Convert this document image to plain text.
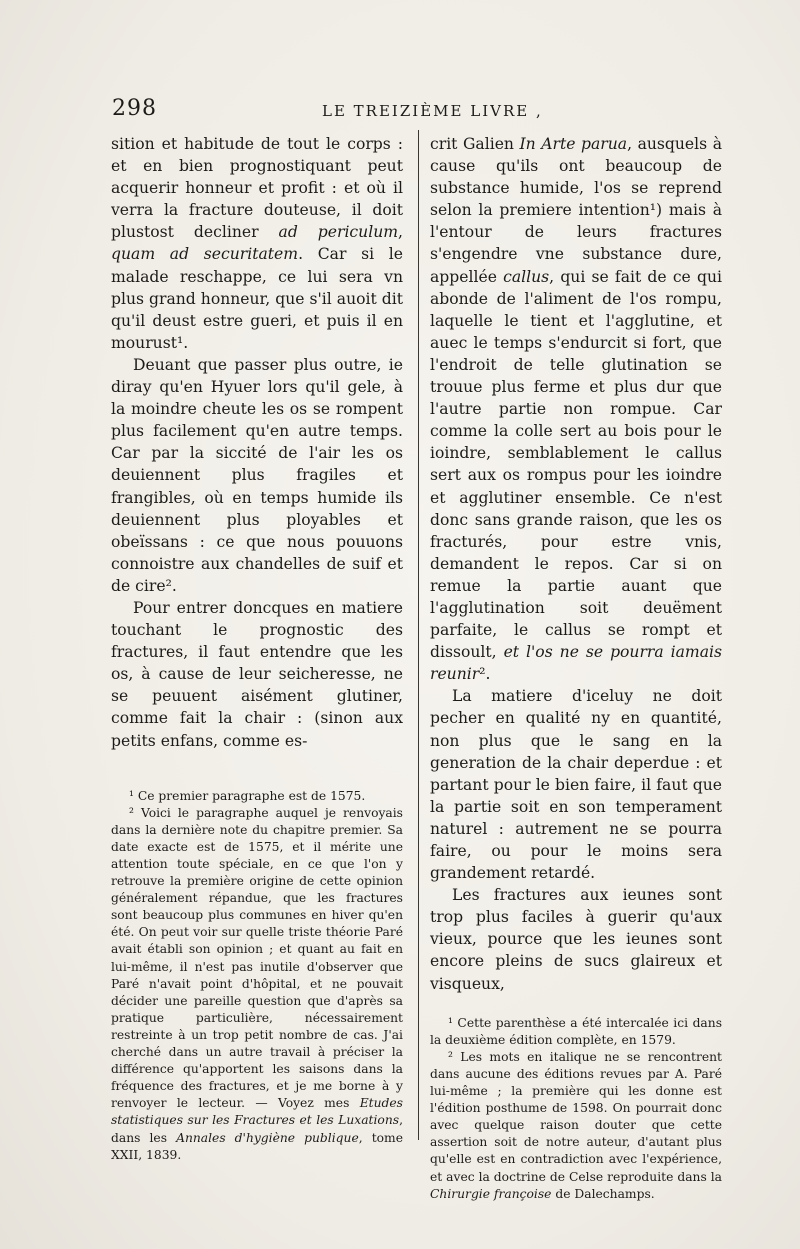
298	LE TREIZIÈME LIVRE ,

sition et habitude de tout le corps : et en bien prognostiquant peut acquerir honneur et profit : et où il verra la fracture douteuse, il doit plustost decliner ad periculum, quam ad securitatem. Car si le malade reschappe, ce lui sera vn plus grand honneur, que s'il auoit dit qu'il deust estre gueri, et puis il en mourust¹.

Deuant que passer plus outre, ie diray qu'en Hyuer lors qu'il gele, à la moindre cheute les os se rompent plus facilement qu'en autre temps. Car par la siccité de l'air les os deuiennent plus fragiles et frangibles, où en temps humide ils deuiennent plus ployables et obeïssans : ce que nous pouuons connoistre aux chandelles de suif et de cire².

Pour entrer doncques en matiere touchant le prognostic des fractures, il faut entendre que les os, à cause de leur seicheresse, ne se peuuent aisément glutiner, comme fait la chair : (sinon aux petits enfans, comme es-

¹ Ce premier paragraphe est de 1575.

² Voici le paragraphe auquel je renvoyais dans la dernière note du chapitre premier. Sa date exacte est de 1575, et il mérite une attention toute spéciale, en ce que l'on y retrouve la première origine de cette opinion généralement répandue, que les fractures sont beaucoup plus communes en hiver qu'en été. On peut voir sur quelle triste théorie Paré avait établi son opinion ; et quant au fait en lui-même, il n'est pas inutile d'observer que Paré n'avait point d'hôpital, et ne pouvait décider une pareille question que d'après sa pratique particulière, nécessairement restreinte à un trop petit nombre de cas. J'ai cherché dans un autre travail à préciser la différence qu'apportent les saisons dans la fréquence des fractures, et je me borne à y renvoyer le lecteur. — Voyez mes Etudes statistiques sur les Fractures et les Luxations, dans les Annales d'hygiène publique, tome XXII, 1839.

crit Galien In Arte parua, ausquels à cause qu'ils ont beaucoup de substance humide, l'os se reprend selon la premiere intention¹) mais à l'entour de leurs fractures s'engendre vne substance dure, appellée callus, qui se fait de ce qui abonde de l'aliment de l'os rompu, laquelle le tient et l'agglutine, et auec le temps s'endurcit si fort, que l'endroit de telle glutination se trouue plus ferme et plus dur que l'autre partie non rompue. Car comme la colle sert au bois pour le ioindre, semblablement le callus sert aux os rompus pour les ioindre et agglutiner ensemble. Ce n'est donc sans grande raison, que les os fracturés, pour estre vnis, demandent le repos. Car si on remue la partie auant que l'agglutination soit deuëment parfaite, le callus se rompt et dissoult, et l'os ne se pourra iamais reunir².

La matiere d'iceluy ne doit pecher en qualité ny en quantité, non plus que le sang en la generation de la chair deperdue : et partant pour le bien faire, il faut que la partie soit en son temperament naturel : autrement ne se pourra faire, ou pour le moins sera grandement retardé.

Les fractures aux ieunes sont trop plus faciles à guerir qu'aux vieux, pource que les ieunes sont encore pleins de sucs glaireux et visqueux,

¹ Cette parenthèse a été intercalée ici dans la deuxième édition complète, en 1579.

² Les mots en italique ne se rencontrent dans aucune des éditions revues par A. Paré lui-même ; la première qui les donne est l'édition posthume de 1598. On pourrait donc avec quelque raison douter que cette assertion soit de notre auteur, d'autant plus qu'elle est en contradiction avec l'expérience, et avec la doctrine de Celse reproduite dans la Chirurgie françoise de Dalechamps.
